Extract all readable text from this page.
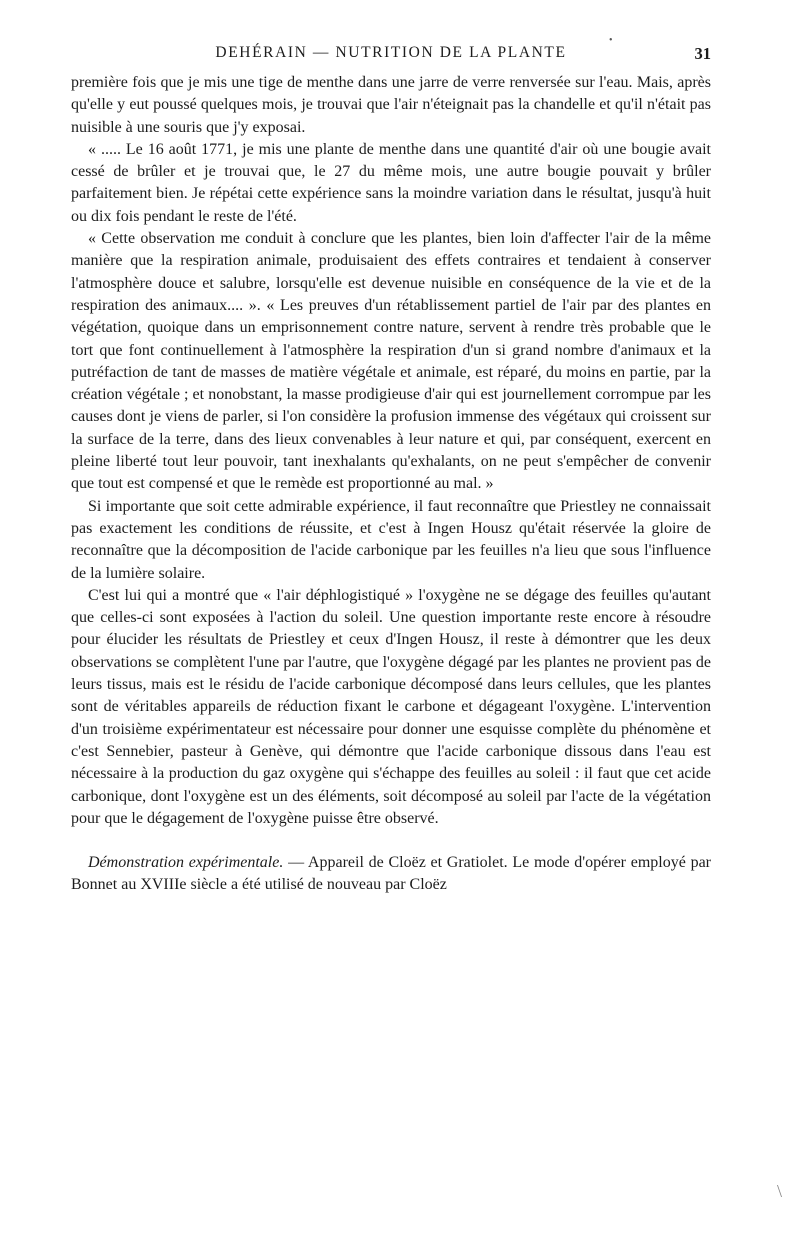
DEHÉRAIN — NUTRITION DE LA PLANTE	31

première fois que je mis une tige de menthe dans une jarre de verre renversée sur l'eau. Mais, après qu'elle y eut poussé quelques mois, je trouvai que l'air n'éteignait pas la chandelle et qu'il n'était pas nuisible à une souris que j'y exposai.

« ..... Le 16 août 1771, je mis une plante de menthe dans une quantité d'air où une bougie avait cessé de brûler et je trouvai que, le 27 du même mois, une autre bougie pouvait y brûler parfaitement bien. Je répétai cette expérience sans la moindre variation dans le résultat, jusqu'à huit ou dix fois pendant le reste de l'été.

« Cette observation me conduit à conclure que les plantes, bien loin d'affecter l'air de la même manière que la respiration animale, produisaient des effets contraires et tendaient à conserver l'atmosphère douce et salubre, lorsqu'elle est devenue nuisible en conséquence de la vie et de la respiration des animaux.... ». « Les preuves d'un rétablissement partiel de l'air par des plantes en végétation, quoique dans un emprisonnement contre nature, servent à rendre très probable que le tort que font continuellement à l'atmosphère la respiration d'un si grand nombre d'animaux et la putréfaction de tant de masses de matière végétale et animale, est réparé, du moins en partie, par la création végétale ; et nonobstant, la masse prodigieuse d'air qui est journellement corrompue par les causes dont je viens de parler, si l'on considère la profusion immense des végétaux qui croissent sur la surface de la terre, dans des lieux convenables à leur nature et qui, par conséquent, exercent en pleine liberté tout leur pouvoir, tant inexhalants qu'exhalants, on ne peut s'empêcher de convenir que tout est compensé et que le remède est proportionné au mal. »

Si importante que soit cette admirable expérience, il faut reconnaître que Priestley ne connaissait pas exactement les conditions de réussite, et c'est à Ingen Housz qu'était réservée la gloire de reconnaître que la décomposition de l'acide carbonique par les feuilles n'a lieu que sous l'influence de la lumière solaire.

C'est lui qui a montré que « l'air déphlogistiqué » l'oxygène ne se dégage des feuilles qu'autant que celles-ci sont exposées à l'action du soleil. Une question importante reste encore à résoudre pour élucider les résultats de Priestley et ceux d'Ingen Housz, il reste à démontrer que les deux observations se complètent l'une par l'autre, que l'oxygène dégagé par les plantes ne provient pas de leurs tissus, mais est le résidu de l'acide carbonique décomposé dans leurs cellules, que les plantes sont de véritables appareils de réduction fixant le carbone et dégageant l'oxygène. L'intervention d'un troisième expérimentateur est nécessaire pour donner une esquisse complète du phénomène et c'est Sennebier, pasteur à Genève, qui démontre que l'acide carbonique dissous dans l'eau est nécessaire à la production du gaz oxygène qui s'échappe des feuilles au soleil : il faut que cet acide carbonique, dont l'oxygène est un des éléments, soit décomposé au soleil par l'acte de la végétation pour que le dégagement de l'oxygène puisse être observé.

Démonstration expérimentale. — Appareil de Cloëz et Gratiolet. Le mode d'opérer employé par Bonnet au XVIIIe siècle a été utilisé de nouveau par Cloëz

•
\
